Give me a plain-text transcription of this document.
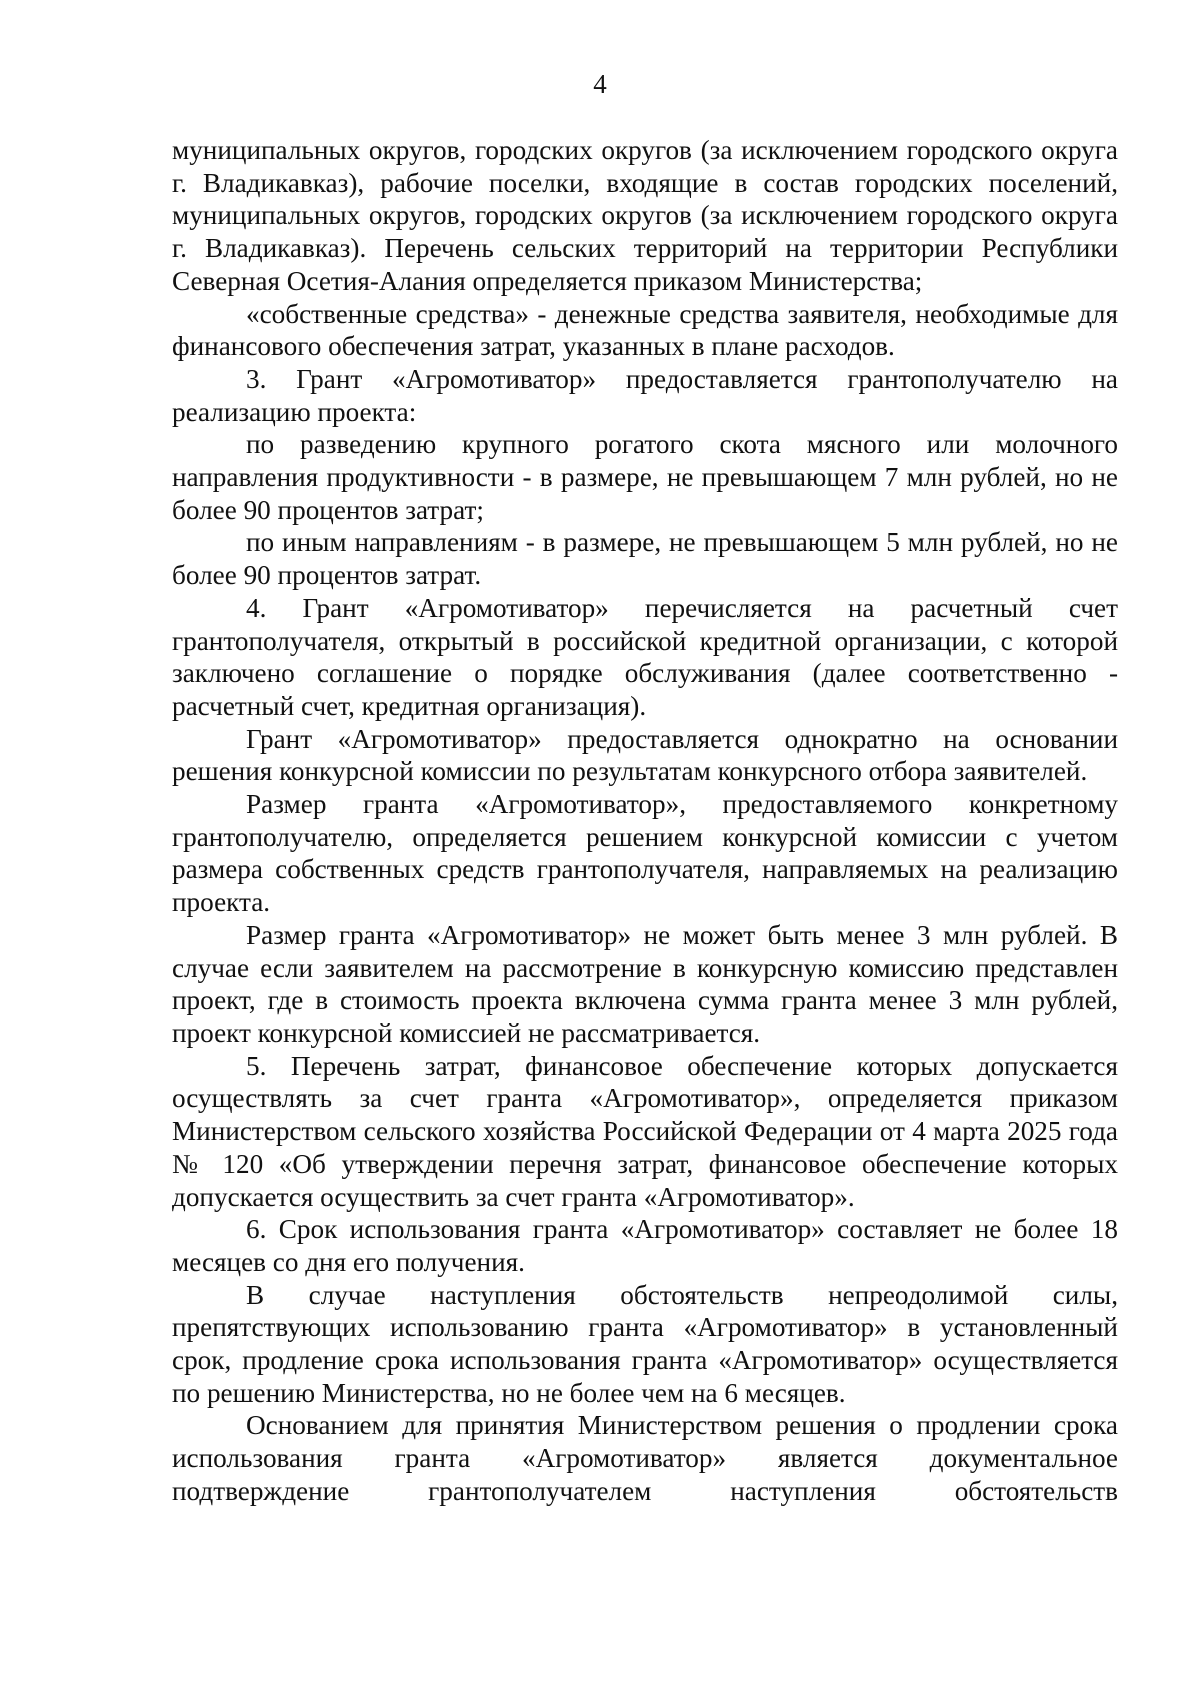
4

муниципальных округов, городских округов (за исключением городского округа г. Владикавказ), рабочие поселки, входящие в состав городских поселений, муниципальных округов, городских округов (за исключением городского округа г. Владикавказ). Перечень сельских территорий на территории Республики Северная Осетия-Алания определяется приказом Министерства;

«собственные средства» - денежные средства заявителя, необходимые для финансового обеспечения затрат, указанных в плане расходов.

3. Грант «Агромотиватор» предоставляется грантополучателю на реализацию проекта:

по разведению крупного рогатого скота мясного или молочного направления продуктивности - в размере, не превышающем 7 млн рублей, но не более 90 процентов затрат;

по иным направлениям - в размере, не превышающем 5 млн рублей, но не более 90 процентов затрат.

4. Грант «Агромотиватор» перечисляется на расчетный счет грантополучателя, открытый в российской кредитной организации, с которой заключено соглашение о порядке обслуживания (далее соответственно - расчетный счет, кредитная организация).

Грант «Агромотиватор» предоставляется однократно на основании решения конкурсной комиссии по результатам конкурсного отбора заявителей.

Размер гранта «Агромотиватор», предоставляемого конкретному грантополучателю, определяется решением конкурсной комиссии с учетом размера собственных средств грантополучателя, направляемых на реализацию проекта.

Размер гранта «Агромотиватор» не может быть менее 3 млн рублей. В случае если заявителем на рассмотрение в конкурсную комиссию представлен проект, где в стоимость проекта включена сумма гранта менее 3 млн рублей, проект конкурсной комиссией не рассматривается.

5. Перечень затрат, финансовое обеспечение которых допускается осуществлять за счет гранта «Агромотиватор», определяется приказом Министерством сельского хозяйства Российской Федерации от 4 марта 2025 года № 120 «Об утверждении перечня затрат, финансовое обеспечение которых допускается осуществить за счет гранта «Агромотиватор».

6. Срок использования гранта «Агромотиватор» составляет не более 18 месяцев со дня его получения.

В случае наступления обстоятельств непреодолимой силы, препятствующих использованию гранта «Агромотиватор» в установленный срок, продление срока использования гранта «Агромотиватор» осуществляется по решению Министерства, но не более чем на 6 месяцев.

Основанием для принятия Министерством решения о продлении срока использования гранта «Агромотиватор» является документальное подтверждение грантополучателем наступления обстоятельств
